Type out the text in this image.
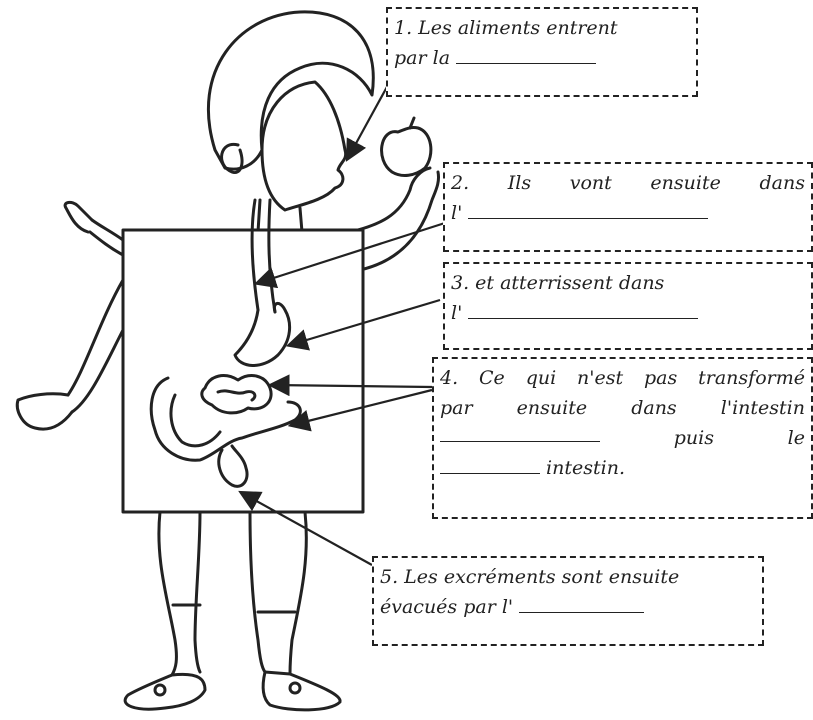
1. Les aliments entrent
par la
2. Ils vont ensuite dans
l'
3. et atterrissent dans
l'
4. Ce qui n'est pas transformé
par ensuite dans l'intestin
puis	le
intestin.
5. Les excréments sont ensuite
évacués par l'
